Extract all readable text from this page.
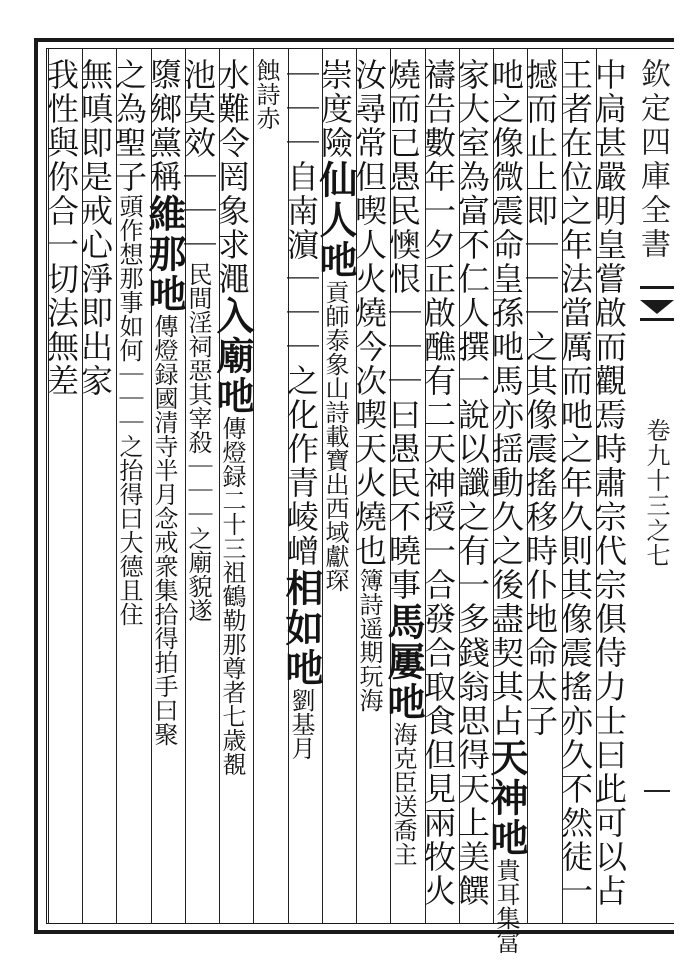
欽定四庫全書
卷九十三之七
中扃甚嚴明皇嘗啟而觀焉時肅宗代宗俱侍力士曰此可以占
王者在位之年法當厲而吔之年久則其像震搖亦久不然徒一
撼而止上即｜｜｜之其像震搖移時仆地命太子
吔之像微震命皇孫吔馬亦揺動久之後盡契其占天神吔貴耳集富
家大室為富不仁人撰一說以讖之有一多錢翁思得天上美饌
禱告數年一夕正啟醮有二天神授一合發合取食但見兩牧火
燒而已愚民懊恨｜｜｜曰愚民不曉事馬屢吔海克臣送喬主
汝尋常但喫人火燒今次喫天火燒也簿詩遥期玩海
崇度險仙人吔貢師泰象山詩載寶出西域獻琛
｜｜｜自南濵｜｜｜之化作青崚嶒相如吔劉基月
蝕詩赤
水難令罔象求澠入廟吔傳燈録二十三祖鶴勒那尊者七歳覩
池莫效｜｜｜民間淫祠惡其宰殺｜｜｜之廟貌遂
隳鄉黨稱維那吔傳燈録國清寺半月念戒衆集拾得拍手曰聚
之為聖子頭作想那事如何｜｜｜之抬得曰大德且住
無嗔即是戒心淨即出家
我性與你合一切法無差
